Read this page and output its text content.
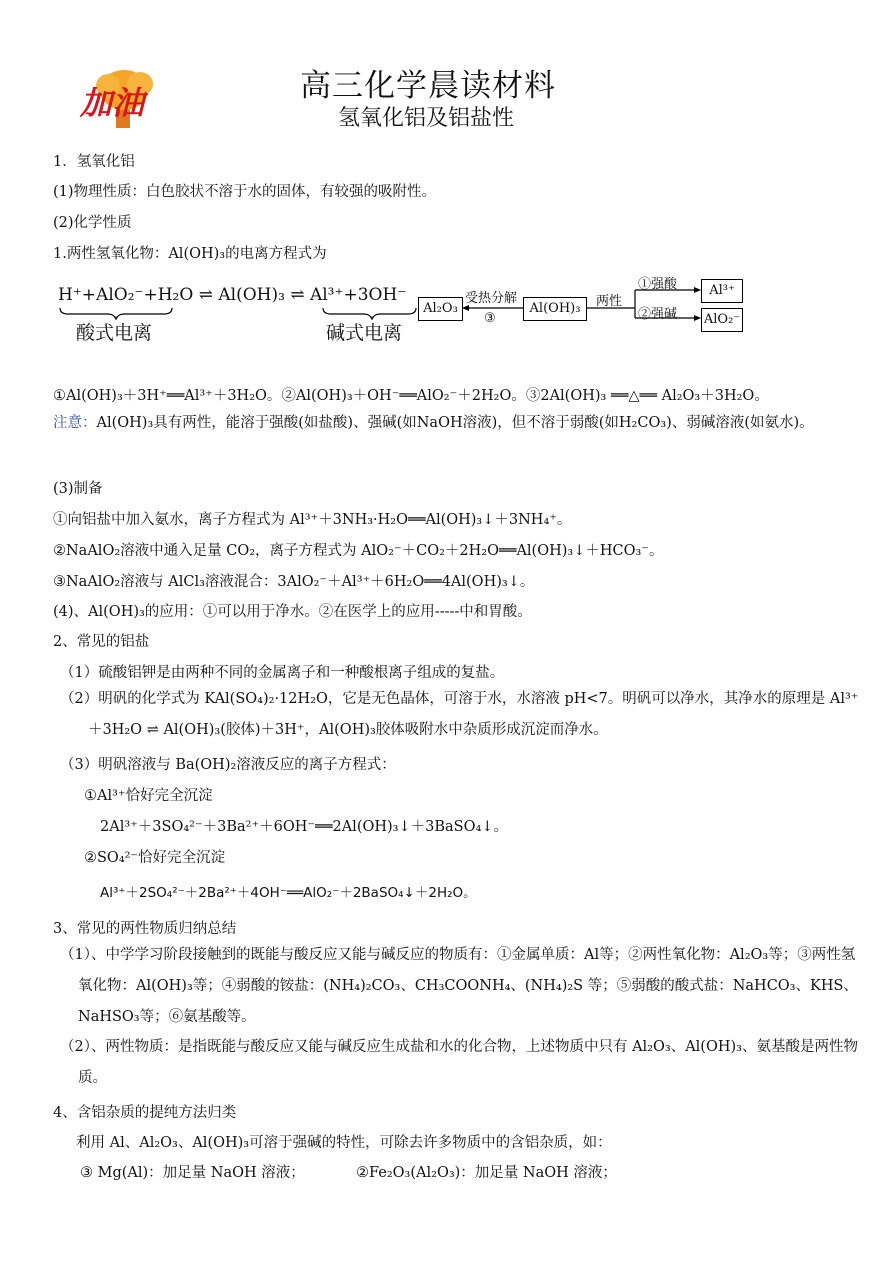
加油	高三化学晨读材料
氢氧化铝及铝盐性
1．氢氧化铝
(1)物理性质：白色胶状不溶于水的固体，有较强的吸附性。
(2)化学性质
1.两性氢氧化物：Al(OH)₃的电离方程式为
H⁺+AlO₂⁻+H₂O ⇌ Al(OH)₃ ⇌ Al³⁺+3OH⁻
酸式电离	碱式电离
Al₂O₃	Al(OH)₃
Al³⁺
AlO₂⁻
受热分解
③
两性
①强酸
②强碱
①Al(OH)₃＋3H⁺══Al³⁺＋3H₂O。②Al(OH)₃＋OH⁻══AlO₂⁻＋2H₂O。③2Al(OH)₃ ══△══ Al₂O₃＋3H₂O。
注意：Al(OH)₃具有两性，能溶于强酸(如盐酸)、强碱(如NaOH溶液)，但不溶于弱酸(如H₂CO₃)、弱碱溶液(如氨水)。
(3)制备
①向铝盐中加入氨水，离子方程式为 Al³⁺＋3NH₃·H₂O══Al(OH)₃↓＋3NH₄⁺。
②NaAlO₂溶液中通入足量 CO₂，离子方程式为 AlO₂⁻＋CO₂＋2H₂O══Al(OH)₃↓＋HCO₃⁻。
③NaAlO₂溶液与 AlCl₃溶液混合：3AlO₂⁻＋Al³⁺＋6H₂O══4Al(OH)₃↓。
(4)、Al(OH)₃的应用：①可以用于净水。②在医学上的应用-----中和胃酸。
2、常见的铝盐
（1）硫酸铝钾是由两种不同的金属离子和一种酸根离子组成的复盐。
（2）明矾的化学式为 KAl(SO₄)₂·12H₂O，它是无色晶体，可溶于水，水溶液 pH<7。明矾可以净水，其净水的原理是 Al³⁺＋3H₂O ⇌ Al(OH)₃(胶体)＋3H⁺，Al(OH)₃胶体吸附水中杂质形成沉淀而净水。
（3）明矾溶液与 Ba(OH)₂溶液反应的离子方程式：
①Al³⁺恰好完全沉淀
2Al³⁺＋3SO₄²⁻＋3Ba²⁺＋6OH⁻══2Al(OH)₃↓＋3BaSO₄↓。
②SO₄²⁻恰好完全沉淀
Al³⁺＋2SO₄²⁻＋2Ba²⁺＋4OH⁻══AlO₂⁻＋2BaSO₄↓＋2H₂O。
3、常见的两性物质归纳总结
（1）、中学学习阶段接触到的既能与酸反应又能与碱反应的物质有：①金属单质：Al等；②两性氧化物：Al₂O₃等；③两性氢氧化物：Al(OH)₃等；④弱酸的铵盐：(NH₄)₂CO₃、CH₃COONH₄、(NH₄)₂S 等；⑤弱酸的酸式盐：NaHCO₃、KHS、NaHSO₃等；⑥氨基酸等。
（2）、两性物质：是指既能与酸反应又能与碱反应生成盐和水的化合物，上述物质中只有 Al₂O₃、Al(OH)₃、氨基酸是两性物质。
4、含铝杂质的提纯方法归类
利用 Al、Al₂O₃、Al(OH)₃可溶于强碱的特性，可除去许多物质中的含铝杂质，如：
③ Mg(Al)：加足量 NaOH 溶液；	②Fe₂O₃(Al₂O₃)：加足量 NaOH 溶液；
